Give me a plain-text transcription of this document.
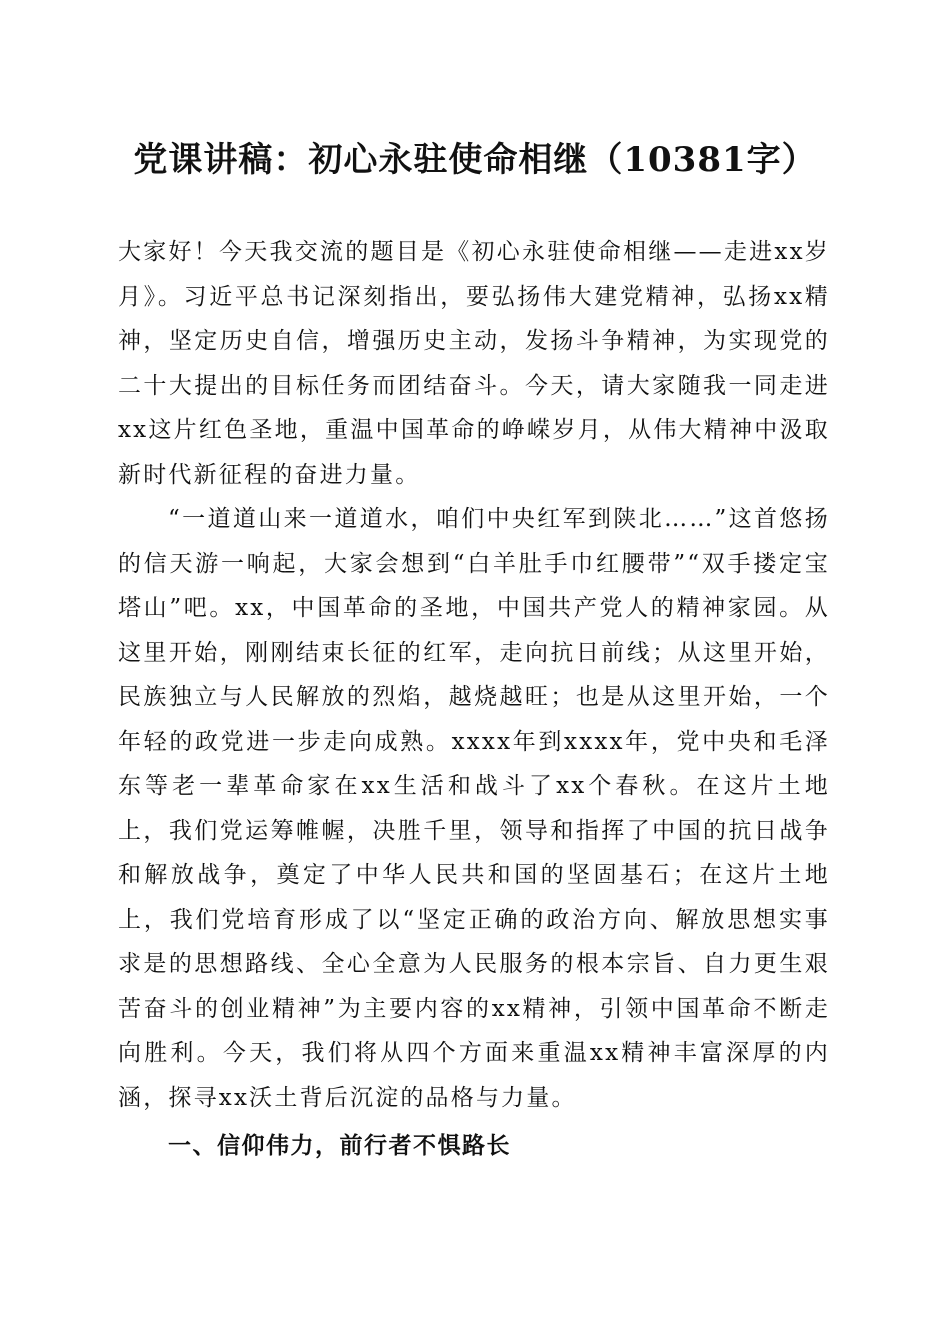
党课讲稿：初心永驻使命相继（10381字）

大家好！今天我交流的题目是《初心永驻使命相继——走进xx岁月》。习近平总书记深刻指出，要弘扬伟大建党精神，弘扬xx精神，坚定历史自信，增强历史主动，发扬斗争精神，为实现党的二十大提出的目标任务而团结奋斗。今天，请大家随我一同走进xx这片红色圣地，重温中国革命的峥嵘岁月，从伟大精神中汲取新时代新征程的奋进力量。

“一道道山来一道道水，咱们中央红军到陕北……”这首悠扬的信天游一响起，大家会想到“白羊肚手巾红腰带”“双手搂定宝塔山”吧。xx，中国革命的圣地，中国共产党人的精神家园。从这里开始，刚刚结束长征的红军，走向抗日前线；从这里开始，民族独立与人民解放的烈焰，越烧越旺；也是从这里开始，一个年轻的政党进一步走向成熟。xxxx年到xxxx年，党中央和毛泽东等老一辈革命家在xx生活和战斗了xx个春秋。在这片土地上，我们党运筹帷幄，决胜千里，领导和指挥了中国的抗日战争和解放战争，奠定了中华人民共和国的坚固基石；在这片土地上，我们党培育形成了以“坚定正确的政治方向、解放思想实事求是的思想路线、全心全意为人民服务的根本宗旨、自力更生艰苦奋斗的创业精神”为主要内容的xx精神，引领中国革命不断走向胜利。今天，我们将从四个方面来重温xx精神丰富深厚的内涵，探寻xx沃土背后沉淀的品格与力量。

一、信仰伟力，前行者不惧路长
